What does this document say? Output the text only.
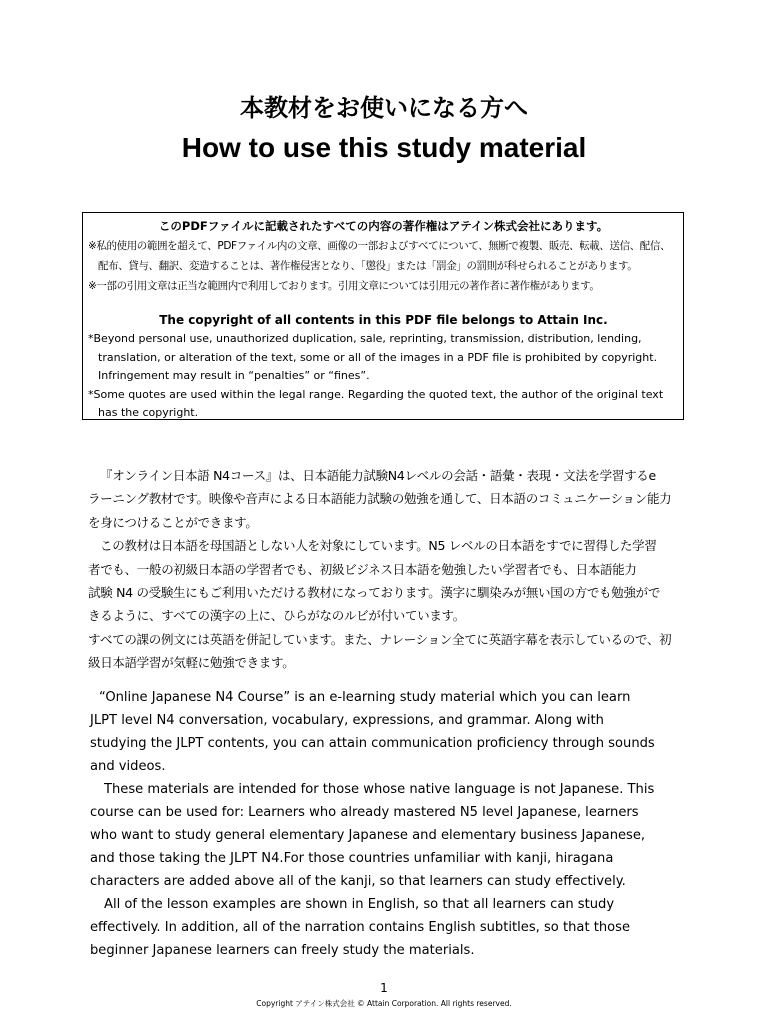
本教材をお使いになる方へ
How to use this study material

このPDFファイルに記載されたすべての内容の著作権はアテイン株式会社にあります。

※私的使用の範囲を超えて、PDFファイル内の文章、画像の一部およびすべてについて、無断で複製、販売、転載、送信、配信、

配布、貸与、翻訳、変造することは、著作権侵害となり、「懲役」または「罰金」の罰則が科せられることがあります。

※一部の引用文章は正当な範囲内で利用しております。引用文章については引用元の著作者に著作権があります。

The copyright of all contents in this PDF file belongs to Attain Inc.

*Beyond personal use, unauthorized duplication, sale, reprinting, transmission, distribution, lending,

translation, or alteration of the text, some or all of the images in a PDF file is prohibited by copyright.

Infringement may result in “penalties” or “fines”.

*Some quotes are used within the legal range. Regarding the quoted text, the author of the original text

has the copyright.

『オンライン日本語 N4コース』は、日本語能力試験N4レベルの会話・語彙・表現・文法を学習するe

ラーニング教材です。映像や音声による日本語能力試験の勉強を通して、日本語のコミュニケーション能力

を身につけることができます。

この教材は日本語を母国語としない人を対象にしています。N5 レベルの日本語をすでに習得した学習

者でも、一般の初級日本語の学習者でも、初級ビジネス日本語を勉強したい学習者でも、日本語能力

試験 N4 の受験生にもご利用いただける教材になっております。漢字に馴染みが無い国の方でも勉強がで

きるように、すべての漢字の上に、ひらがなのルビが付いています。

すべての課の例文には英語を併記しています。また、ナレーション全てに英語字幕を表示しているので、初

級日本語学習が気軽に勉強できます。

“Online Japanese N4 Course” is an e-learning study material which you can learn

JLPT level N4 conversation, vocabulary, expressions, and grammar. Along with

studying the JLPT contents, you can attain communication proficiency through sounds

and videos.

These materials are intended for those whose native language is not Japanese. This

course can be used for: Learners who already mastered N5 level Japanese, learners

who want to study general elementary Japanese and elementary business Japanese,

and those taking the JLPT N4.For those countries unfamiliar with kanji, hiragana

characters are added above all of the kanji, so that learners can study effectively.

All of the lesson examples are shown in English, so that all learners can study

effectively. In addition, all of the narration contains English subtitles, so that those

beginner Japanese learners can freely study the materials.

1
Copyright アテイン株式会社 © Attain Corporation. All rights reserved.
